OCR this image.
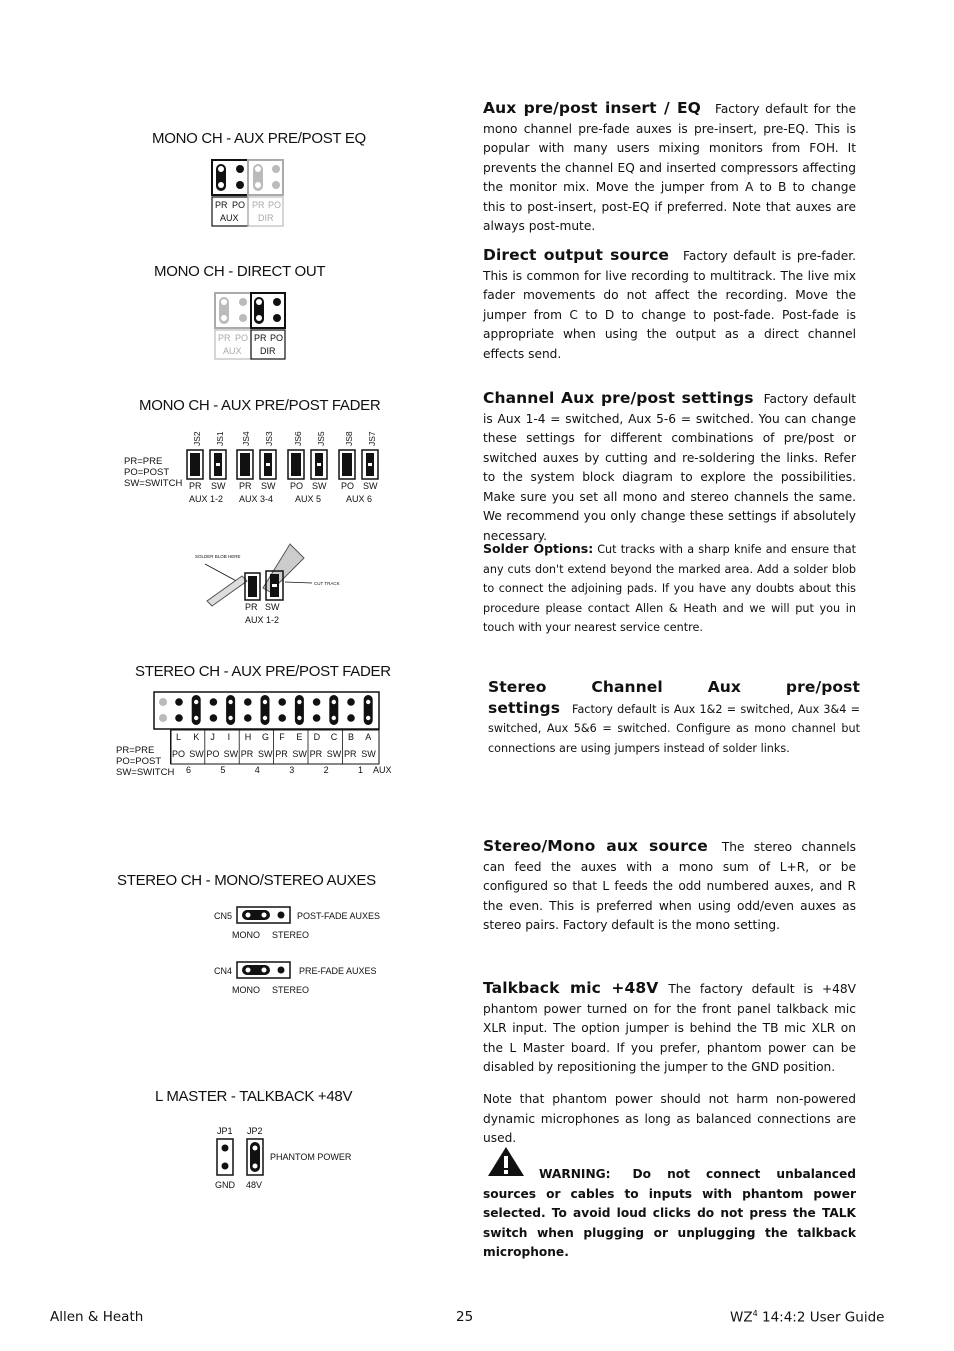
MONO CH - AUX PRE/POST EQ
PR PO
AUX
PR PO
DIR
MONO CH - DIRECT OUT
PR PO
AUX
PR PO
DIR
MONO CH - AUX PRE/POST FADER
JS2 JS1 JS4 JS3 JS6 JS5 JS8 JS7
PR=PRE
PO=POST
SW=SWITCH PR SW PR SW PO SW PO SW
AUX 1-2 AUX 3-4 AUX 5	AUX 6
SOLDER BLOB HERE
CUT TRACK
PR SW
AUX 1-2
STEREO CH - AUX PRE/POST FADER
L K J I H G F E D C B A
PO SW PO SW PR SW PR SW PR SW PR SW
6	5	4	3	2	1 AUX
PR=PRE
PO=POST
SW=SWITCH
STEREO CH - MONO/STEREO AUXES
CN5	POST-FADE AUXES
MONO STEREO
CN4	PRE-FADE AUXES
MONO STEREO
L MASTER - TALKBACK +48V
JP1 JP2
PHANTOM POWER
GND 48V
Aux pre/post insert / EQ Factory default for the mono channel pre-fade auxes is pre-insert, pre-EQ. This is popular with many users mixing monitors from FOH. It prevents the channel EQ and inserted compressors affecting the monitor mix. Move the jumper from A to B to change this to post-insert, post-EQ if preferred. Note that auxes are always post-mute.
Direct output source Factory default is pre-fader. This is common for live recording to multitrack. The live mix fader movements do not affect the recording. Move the jumper from C to D to change to post-fade. Post-fade is appropriate when using the output as a direct channel effects send.
Channel Aux pre/post settings Factory default is Aux 1-4 = switched, Aux 5-6 = switched. You can change these settings for different combinations of pre/post or switched auxes by cutting and re-soldering the links. Refer to the system block diagram to explore the possibilities. Make sure you set all mono and stereo channels the same. We recommend you only change these settings if absolutely necessary.
Solder Options: Cut tracks with a sharp knife and ensure that any cuts don't extend beyond the marked area. Add a solder blob to connect the adjoining pads. If you have any doubts about this procedure please contact Allen & Heath and we will put you in touch with your nearest service centre.
Stereo Channel Aux pre/post settings Factory default is Aux 1&2 = switched, Aux 3&4 = switched, Aux 5&6 = switched. Configure as mono channel but connections are using jumpers instead of solder links.
Stereo/Mono aux source The stereo channels can feed the auxes with a mono sum of L+R, or be configured so that L feeds the odd numbered auxes, and R the even. This is preferred when using odd/even auxes as stereo pairs. Factory default is the mono setting.
Talkback mic +48V The factory default is +48V phantom power turned on for the front panel talkback mic XLR input. The option jumper is behind the TB mic XLR on the L Master board. If you prefer, phantom power can be disabled by repositioning the jumper to the GND position.
Note that phantom power should not harm non-powered dynamic microphones as long as balanced connections are used.
WARNING: Do not connect unbalanced sources or cables to inputs with phantom power selected. To avoid loud clicks do not press the TALK switch when plugging or unplugging the talkback microphone.
Allen & Heath	25	$WZ^4$ 14:4:2 User Guide
